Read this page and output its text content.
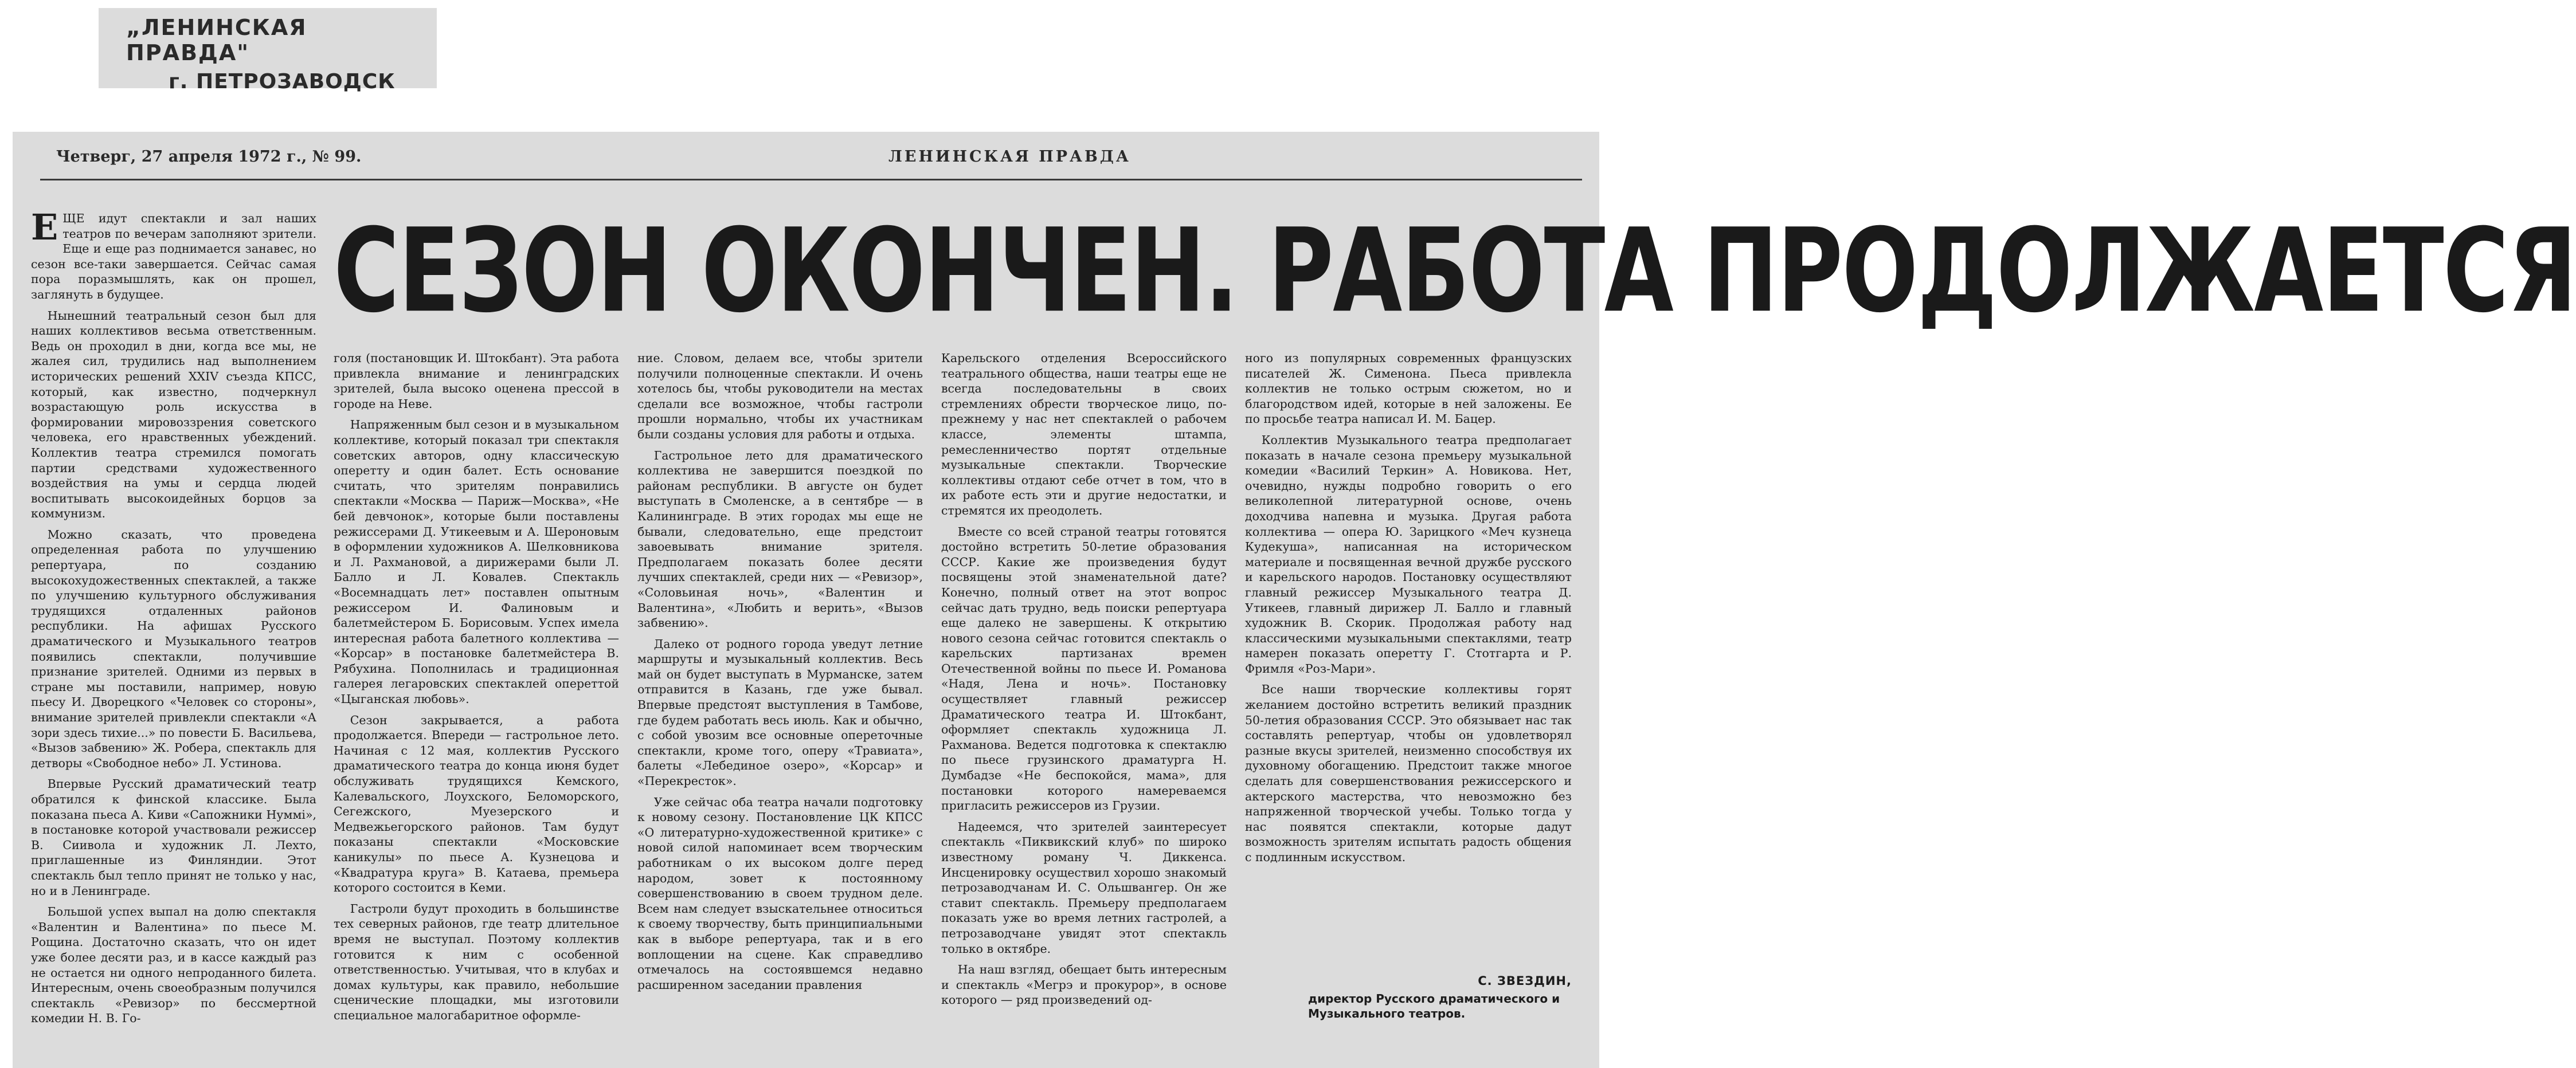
„ЛЕНИНСКАЯ ПРАВДА"
г. ПЕТРОЗАВОДСК
Четверг, 27 апреля 1972 г., № 99.	ЛЕНИНСКАЯ ПРАВДА
СЕЗОН ОКОНЧЕН. РАБОТА ПРОДОЛЖАЕТСЯ

ЕЩЕ идут спектакли и зал наших театров по вечерам заполняют зрители. Еще и еще раз поднимается занавес, но сезон все-таки завершается. Сейчас самая пора поразмышлять, как он прошел, заглянуть в будущее.

Нынешний театральный сезон был для наших коллективов весьма ответственным. Ведь он проходил в дни, когда все мы, не жалея сил, трудились над выполнением исторических решений XXIV съезда КПСС, который, как известно, подчеркнул возрастающую роль искусства в формировании мировоззрения советского человека, его нравственных убеждений. Коллектив театра стремился помогать партии средствами художественного воздействия на умы и сердца людей воспитывать высокоидейных борцов за коммунизм.

Можно сказать, что проведена определенная работа по улучшению репертуара, по созданию высокохудожественных спектаклей, а также по улучшению культурного обслуживания трудящихся отдаленных районов республики. На афишах Русского драматического и Музыкального театров появились спектакли, получившие признание зрителей. Одними из первых в стране мы поставили, например, новую пьесу И. Дворецкого «Человек со стороны», внимание зрителей привлекли спектакли «А зори здесь тихие...» по повести Б. Васильева, «Вызов забвению» Ж. Робера, спектакль для детворы «Свободное небо» Л. Устинова.

Впервые Русский драматический театр обратился к финской классике. Была показана пьеса А. Киви «Сапожники Нуммі», в постановке которой участвовали режиссер В. Сиивола и художник Л. Лехто, приглашенные из Финляндии. Этот спектакль был тепло принят не только у нас, но и в Ленинграде.

Большой успех выпал на долю спектакля «Валентин и Валентина» по пьесе М. Рощина. Достаточно сказать, что он идет уже более десяти раз, и в кассе каждый раз не остается ни одного непроданного билета. Интересным, очень своеобразным получился спектакль «Ревизор» по бессмертной комедии Н. В. Го-

голя (постановщик И. Штокбант). Эта работа привлекла внимание и ленинградских зрителей, была высоко оценена прессой в городе на Неве.

Напряженным был сезон и в музыкальном коллективе, который показал три спектакля советских авторов, одну классическую оперетту и один балет. Есть основание считать, что зрителям понравились спектакли «Москва — Париж—Москва», «Не бей девчонок», которые были поставлены режиссерами Д. Утикеевым и А. Шероновым в оформлении художников А. Шелковникова и Л. Рахмановой, а дирижерами были Л. Балло и Л. Ковалев. Спектакль «Восемнадцать лет» поставлен опытным режиссером И. Фалиновым и балетмейстером Б. Борисовым. Успех имела интересная работа балетного коллектива — «Корсар» в постановке балетмейстера В. Рябухина. Пополнилась и традиционная галерея легаровских спектаклей опереттой «Цыганская любовь».

Сезон закрывается, а работа продолжается. Впереди — гастрольное лето. Начиная с 12 мая, коллектив Русского драматического театра до конца июня будет обслуживать трудящихся Кемского, Калевальского, Лоухского, Беломорского, Сегежского, Муезерского и Медвежьегорского районов. Там будут показаны спектакли «Московские каникулы» по пьесе А. Кузнецова и «Квадратура круга» В. Катаева, премьера которого состоится в Кеми.

Гастроли будут проходить в большинстве тех северных районов, где театр длительное время не выступал. Поэтому коллектив готовится к ним с особенной ответственностью. Учитывая, что в клубах и домах культуры, как правило, небольшие сценические площадки, мы изготовили специальное малогабаритное оформле-

ние. Словом, делаем все, чтобы зрители получили полноценные спектакли. И очень хотелось бы, чтобы руководители на местах сделали все возможное, чтобы гастроли прошли нормально, чтобы их участникам были созданы условия для работы и отдыха.

Гастрольное лето для драматического коллектива не завершится поездкой по районам республики. В августе он будет выступать в Смоленске, а в сентябре — в Калининграде. В этих городах мы еще не бывали, следовательно, еще предстоит завоевывать внимание зрителя. Предполагаем показать более десяти лучших спектаклей, среди них — «Ревизор», «Соловьиная ночь», «Валентин и Валентина», «Любить и верить», «Вызов забвению».

Далеко от родного города уведут летние маршруты и музыкальный коллектив. Весь май он будет выступать в Мурманске, затем отправится в Казань, где уже бывал. Впервые предстоят выступления в Тамбове, где будем работать весь июль. Как и обычно, с собой увозим все основные опереточные спектакли, кроме того, оперу «Травиата», балеты «Лебединое озеро», «Корсар» и «Перекресток».

Уже сейчас оба театра начали подготовку к новому сезону. Постановление ЦК КПСС «О литературно-художественной критике» с новой силой напоминает всем творческим работникам о их высоком долге перед народом, зовет к постоянному совершенствованию в своем трудном деле. Всем нам следует взыскательнее относиться к своему творчеству, быть принципиальными как в выборе репертуара, так и в его воплощении на сцене. Как справедливо отмечалось на состоявшемся недавно расширенном заседании правления

Карельского отделения Всероссийского театрального общества, наши театры еще не всегда последовательны в своих стремлениях обрести творческое лицо, по-прежнему у нас нет спектаклей о рабочем классе, элементы штампа, ремесленничество портят отдельные музыкальные спектакли. Творческие коллективы отдают себе отчет в том, что в их работе есть эти и другие недостатки, и стремятся их преодолеть.

Вместе со всей страной театры готовятся достойно встретить 50-летие образования СССР. Какие же произведения будут посвящены этой знаменательной дате? Конечно, полный ответ на этот вопрос сейчас дать трудно, ведь поиски репертуара еще далеко не завершены. К открытию нового сезона сейчас готовится спектакль о карельских партизанах времен Отечественной войны по пьесе И. Романова «Надя, Лена и ночь». Постановку осуществляет главный режиссер Драматического театра И. Штокбант, оформляет спектакль художница Л. Рахманова. Ведется подготовка к спектаклю по пьесе грузинского драматурга Н. Думбадзе «Не беспокойся, мама», для постановки которого намереваемся пригласить режиссеров из Грузии.

Надеемся, что зрителей заинтересует спектакль «Пиквикский клуб» по широко известному роману Ч. Диккенса. Инсценировку осуществил хорошо знакомый петрозаводчанам И. С. Ольшвангер. Он же ставит спектакль. Премьеру предполагаем показать уже во время летних гастролей, а петрозаводчане увидят этот спектакль только в октябре.

На наш взгляд, обещает быть интересным и спектакль «Мегрэ и прокурор», в основе которого — ряд произведений од-

ного из популярных современных французских писателей Ж. Сименона. Пьеса привлекла коллектив не только острым сюжетом, но и благородством идей, которые в ней заложены. Ее по просьбе театра написал И. М. Бацер.

Коллектив Музыкального театра предполагает показать в начале сезона премьеру музыкальной комедии «Василий Теркин» А. Новикова. Нет, очевидно, нужды подробно говорить о его великолепной литературной основе, очень доходчива напевна и музыка. Другая работа коллектива — опера Ю. Зарицкого «Меч кузнеца Кудекуша», написанная на историческом материале и посвященная вечной дружбе русского и карельского народов. Постановку осуществляют главный режиссер Музыкального театра Д. Утикеев, главный дирижер Л. Балло и главный художник В. Скорик. Продолжая работу над классическими музыкальными спектаклями, театр намерен показать оперетту Г. Стотгарта и Р. Фримля «Роз-Мари».

Все наши творческие коллективы горят желанием достойно встретить великий праздник 50-летия образования СССР. Это обязывает нас так составлять репертуар, чтобы он удовлетворял разные вкусы зрителей, неизменно способствуя их духовному обогащению. Предстоит также многое сделать для совершенствования режиссерского и актерского мастерства, что невозможно без напряженной творческой учебы. Только тогда у нас появятся спектакли, которые дадут возможность зрителям испытать радость общения с подлинным искусством.

С. ЗВЕЗДИН,

директор Русского драматического и Музыкального театров.
